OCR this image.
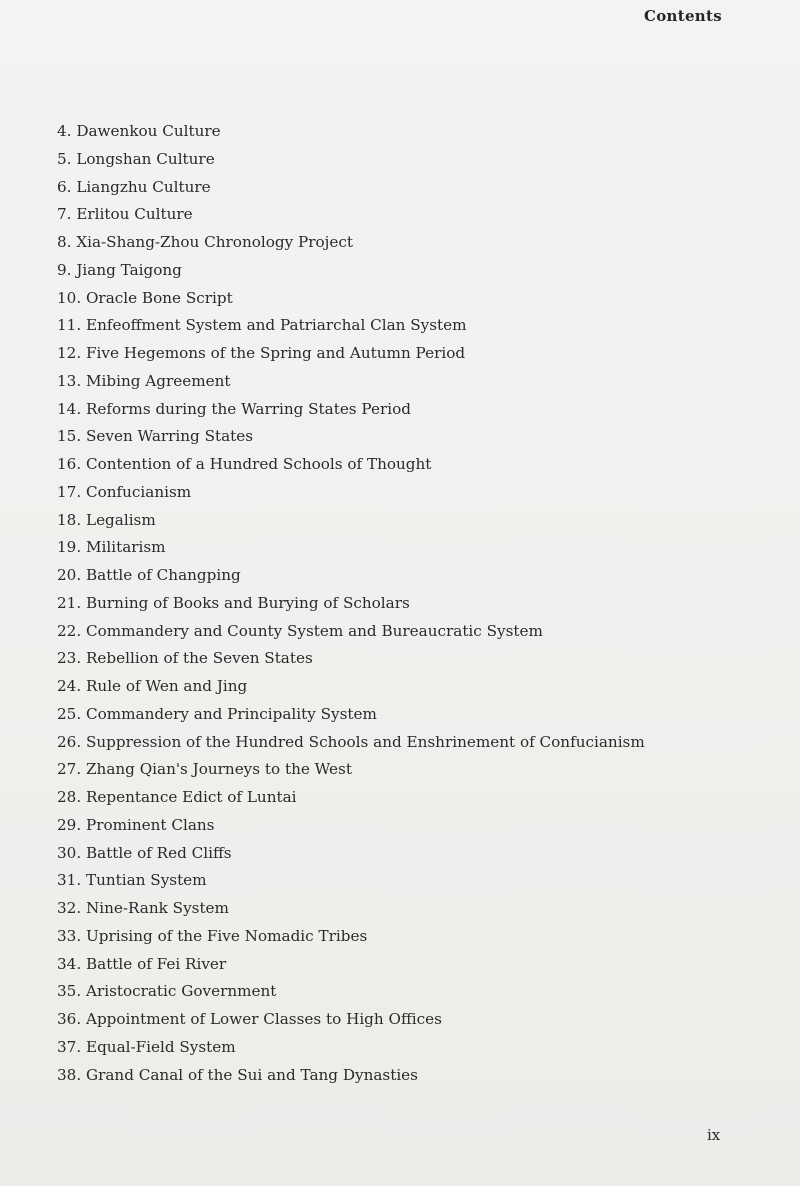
Contents
4. Dawenkou Culture
5. Longshan Culture
6. Liangzhu Culture
7. Erlitou Culture
8. Xia-Shang-Zhou Chronology Project
9. Jiang Taigong
10. Oracle Bone Script
11. Enfeoffment System and Patriarchal Clan System
12. Five Hegemons of the Spring and Autumn Period
13. Mibing Agreement
14. Reforms during the Warring States Period
15. Seven Warring States
16. Contention of a Hundred Schools of Thought
17. Confucianism
18. Legalism
19. Militarism
20. Battle of Changping
21. Burning of Books and Burying of Scholars
22. Commandery and County System and Bureaucratic System
23. Rebellion of the Seven States
24. Rule of Wen and Jing
25. Commandery and Principality System
26. Suppression of the Hundred Schools and Enshrinement of Confucianism
27. Zhang Qian's Journeys to the West
28. Repentance Edict of Luntai
29. Prominent Clans
30. Battle of Red Cliffs
31. Tuntian System
32. Nine-Rank System
33. Uprising of the Five Nomadic Tribes
34. Battle of Fei River
35. Aristocratic Government
36. Appointment of Lower Classes to High Offices
37. Equal-Field System
38. Grand Canal of the Sui and Tang Dynasties
ix
